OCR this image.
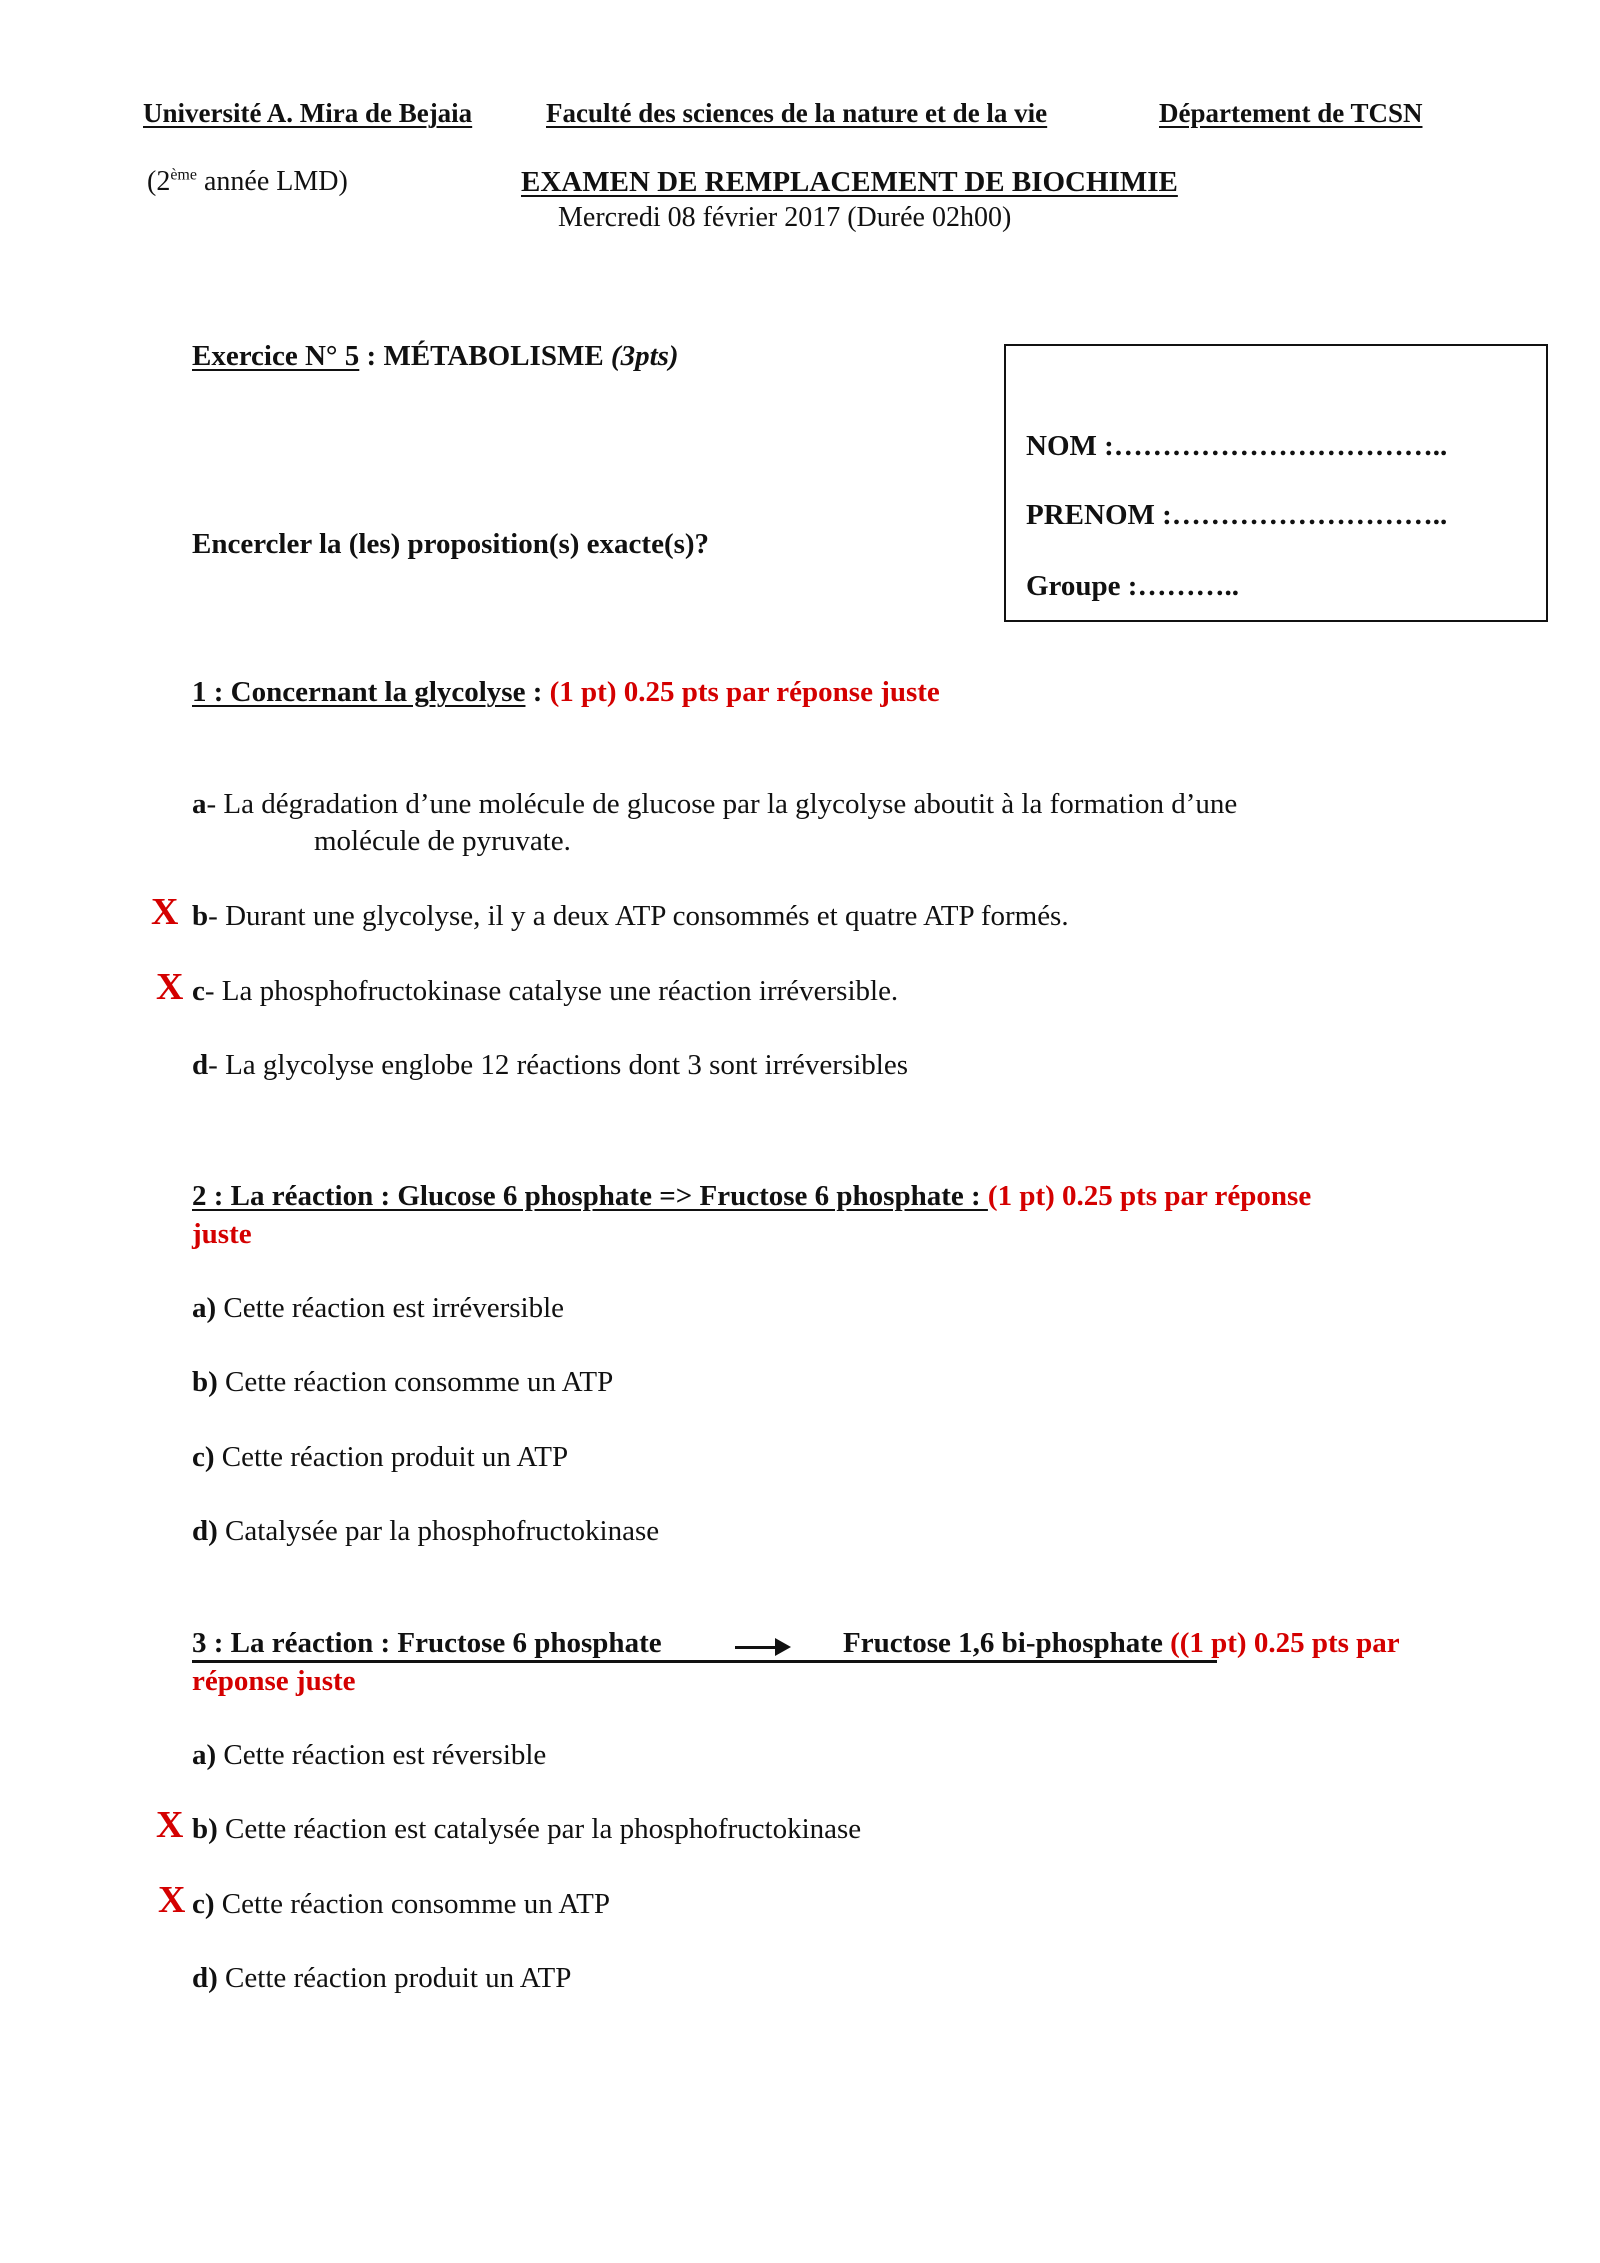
Université A. Mira de Bejaia	Faculté des sciences de la nature et de la vie	Département de TCSN
(2ème année LMD)	EXAMEN DE REMPLACEMENT DE BIOCHIMIE
Mercredi 08 février 2017 (Durée 02h00)
Exercice N° 5 : MÉTABOLISME (3pts)
Encercler la (les) proposition(s) exacte(s)?
NOM :……………………………..
PRENOM :………………………..
Groupe :………..
1 : Concernant la glycolyse : (1 pt) 0.25 pts par réponse juste
a- La dégradation d’une molécule de glucose par la glycolyse aboutit à la formation d’une
molécule de pyruvate.
X b- Durant une glycolyse, il y a deux ATP consommés et quatre ATP formés.
X c- La phosphofructokinase catalyse une réaction irréversible.
d- La glycolyse englobe 12 réactions dont 3 sont irréversibles
2 : La réaction : Glucose 6 phosphate => Fructose 6 phosphate : (1 pt) 0.25 pts par réponse
juste
a) Cette réaction est irréversible
b) Cette réaction consomme un ATP
c) Cette réaction produit un ATP
d) Catalysée par la phosphofructokinase
3 : La réaction : Fructose 6 phosphate	Fructose 1,6 bi-phosphate ((1 pt) 0.25 pts par
réponse juste
a) Cette réaction est réversible
X b) Cette réaction est catalysée par la phosphofructokinase
X c) Cette réaction consomme un ATP
d) Cette réaction produit un ATP
